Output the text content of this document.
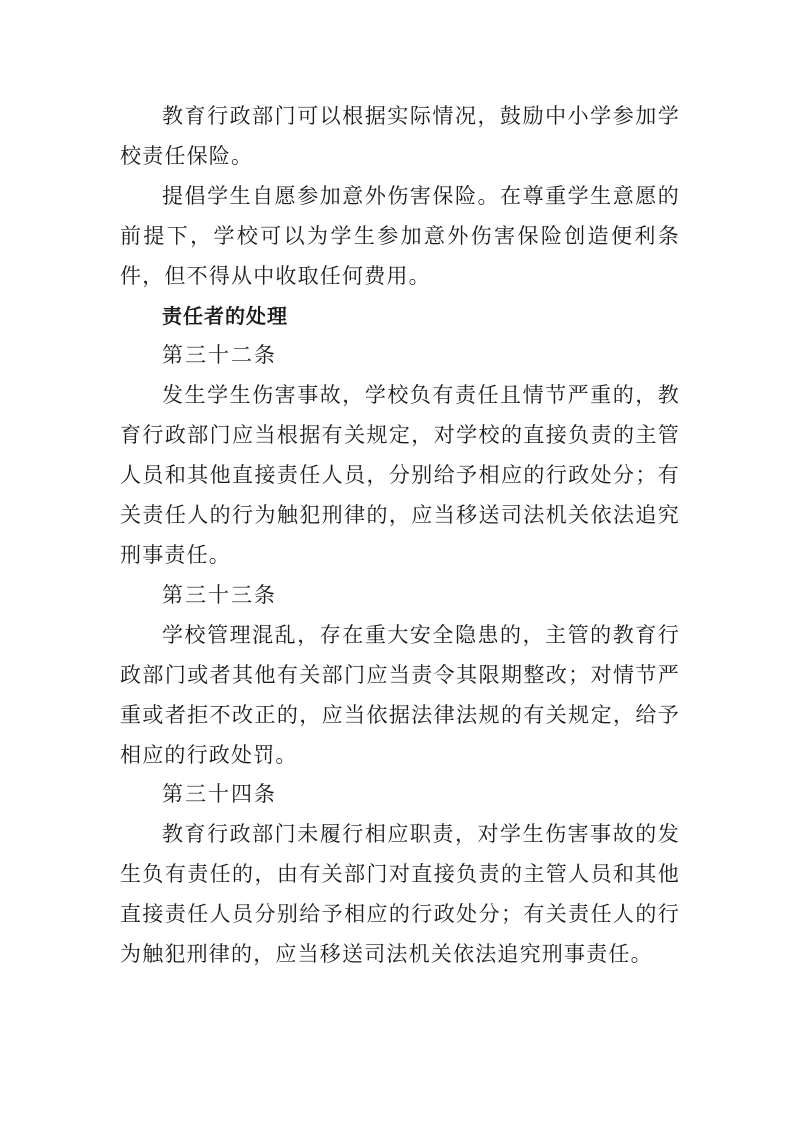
教育行政部门可以根据实际情况，鼓励中小学参加学校责任保险。

提倡学生自愿参加意外伤害保险。在尊重学生意愿的前提下，学校可以为学生参加意外伤害保险创造便利条件，但不得从中收取任何费用。

责任者的处理

第三十二条

发生学生伤害事故，学校负有责任且情节严重的，教育行政部门应当根据有关规定，对学校的直接负责的主管人员和其他直接责任人员，分别给予相应的行政处分；有关责任人的行为触犯刑律的，应当移送司法机关依法追究刑事责任。

第三十三条

学校管理混乱，存在重大安全隐患的，主管的教育行政部门或者其他有关部门应当责令其限期整改；对情节严重或者拒不改正的，应当依据法律法规的有关规定，给予相应的行政处罚。

第三十四条

教育行政部门未履行相应职责，对学生伤害事故的发生负有责任的，由有关部门对直接负责的主管人员和其他直接责任人员分别给予相应的行政处分；有关责任人的行为触犯刑律的，应当移送司法机关依法追究刑事责任。
